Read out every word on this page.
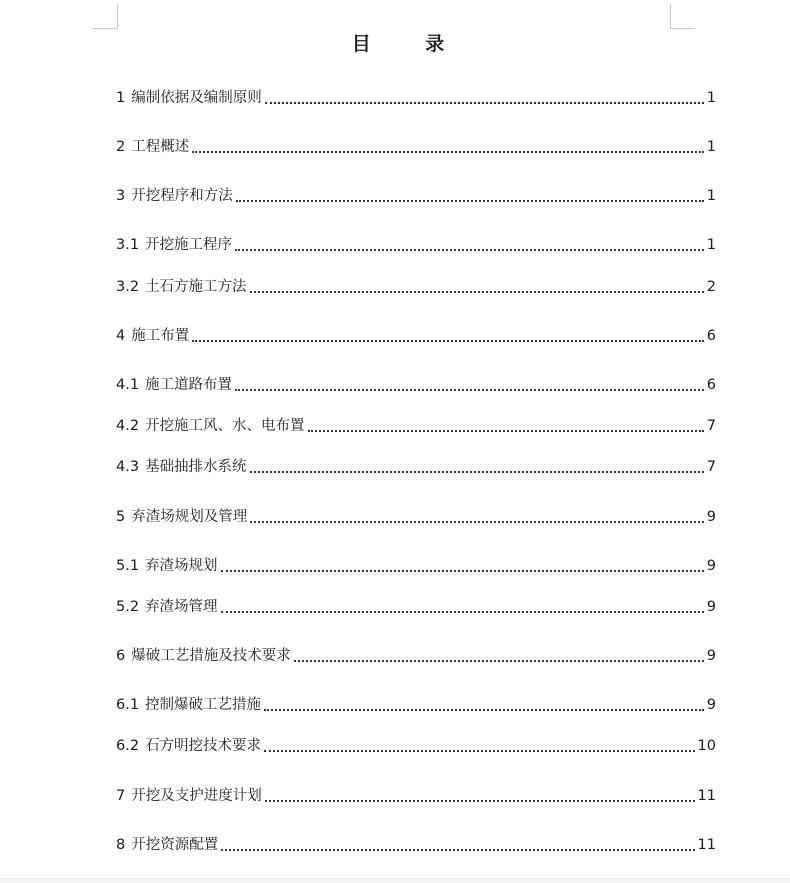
目 录
1 编制依据及编制原则	1
2 工程概述	1
3 开挖程序和方法	1
3.1 开挖施工程序	1
3.2 土石方施工方法	2
4 施工布置	6
4.1 施工道路布置	6
4.2 开挖施工风、水、电布置	7
4.3 基础抽排水系统	7
5 弃渣场规划及管理	9
5.1 弃渣场规划	9
5.2 弃渣场管理	9
6 爆破工艺措施及技术要求	9
6.1 控制爆破工艺措施	9
6.2 石方明挖技术要求	10
7 开挖及支护进度计划	11
8 开挖资源配置	11
